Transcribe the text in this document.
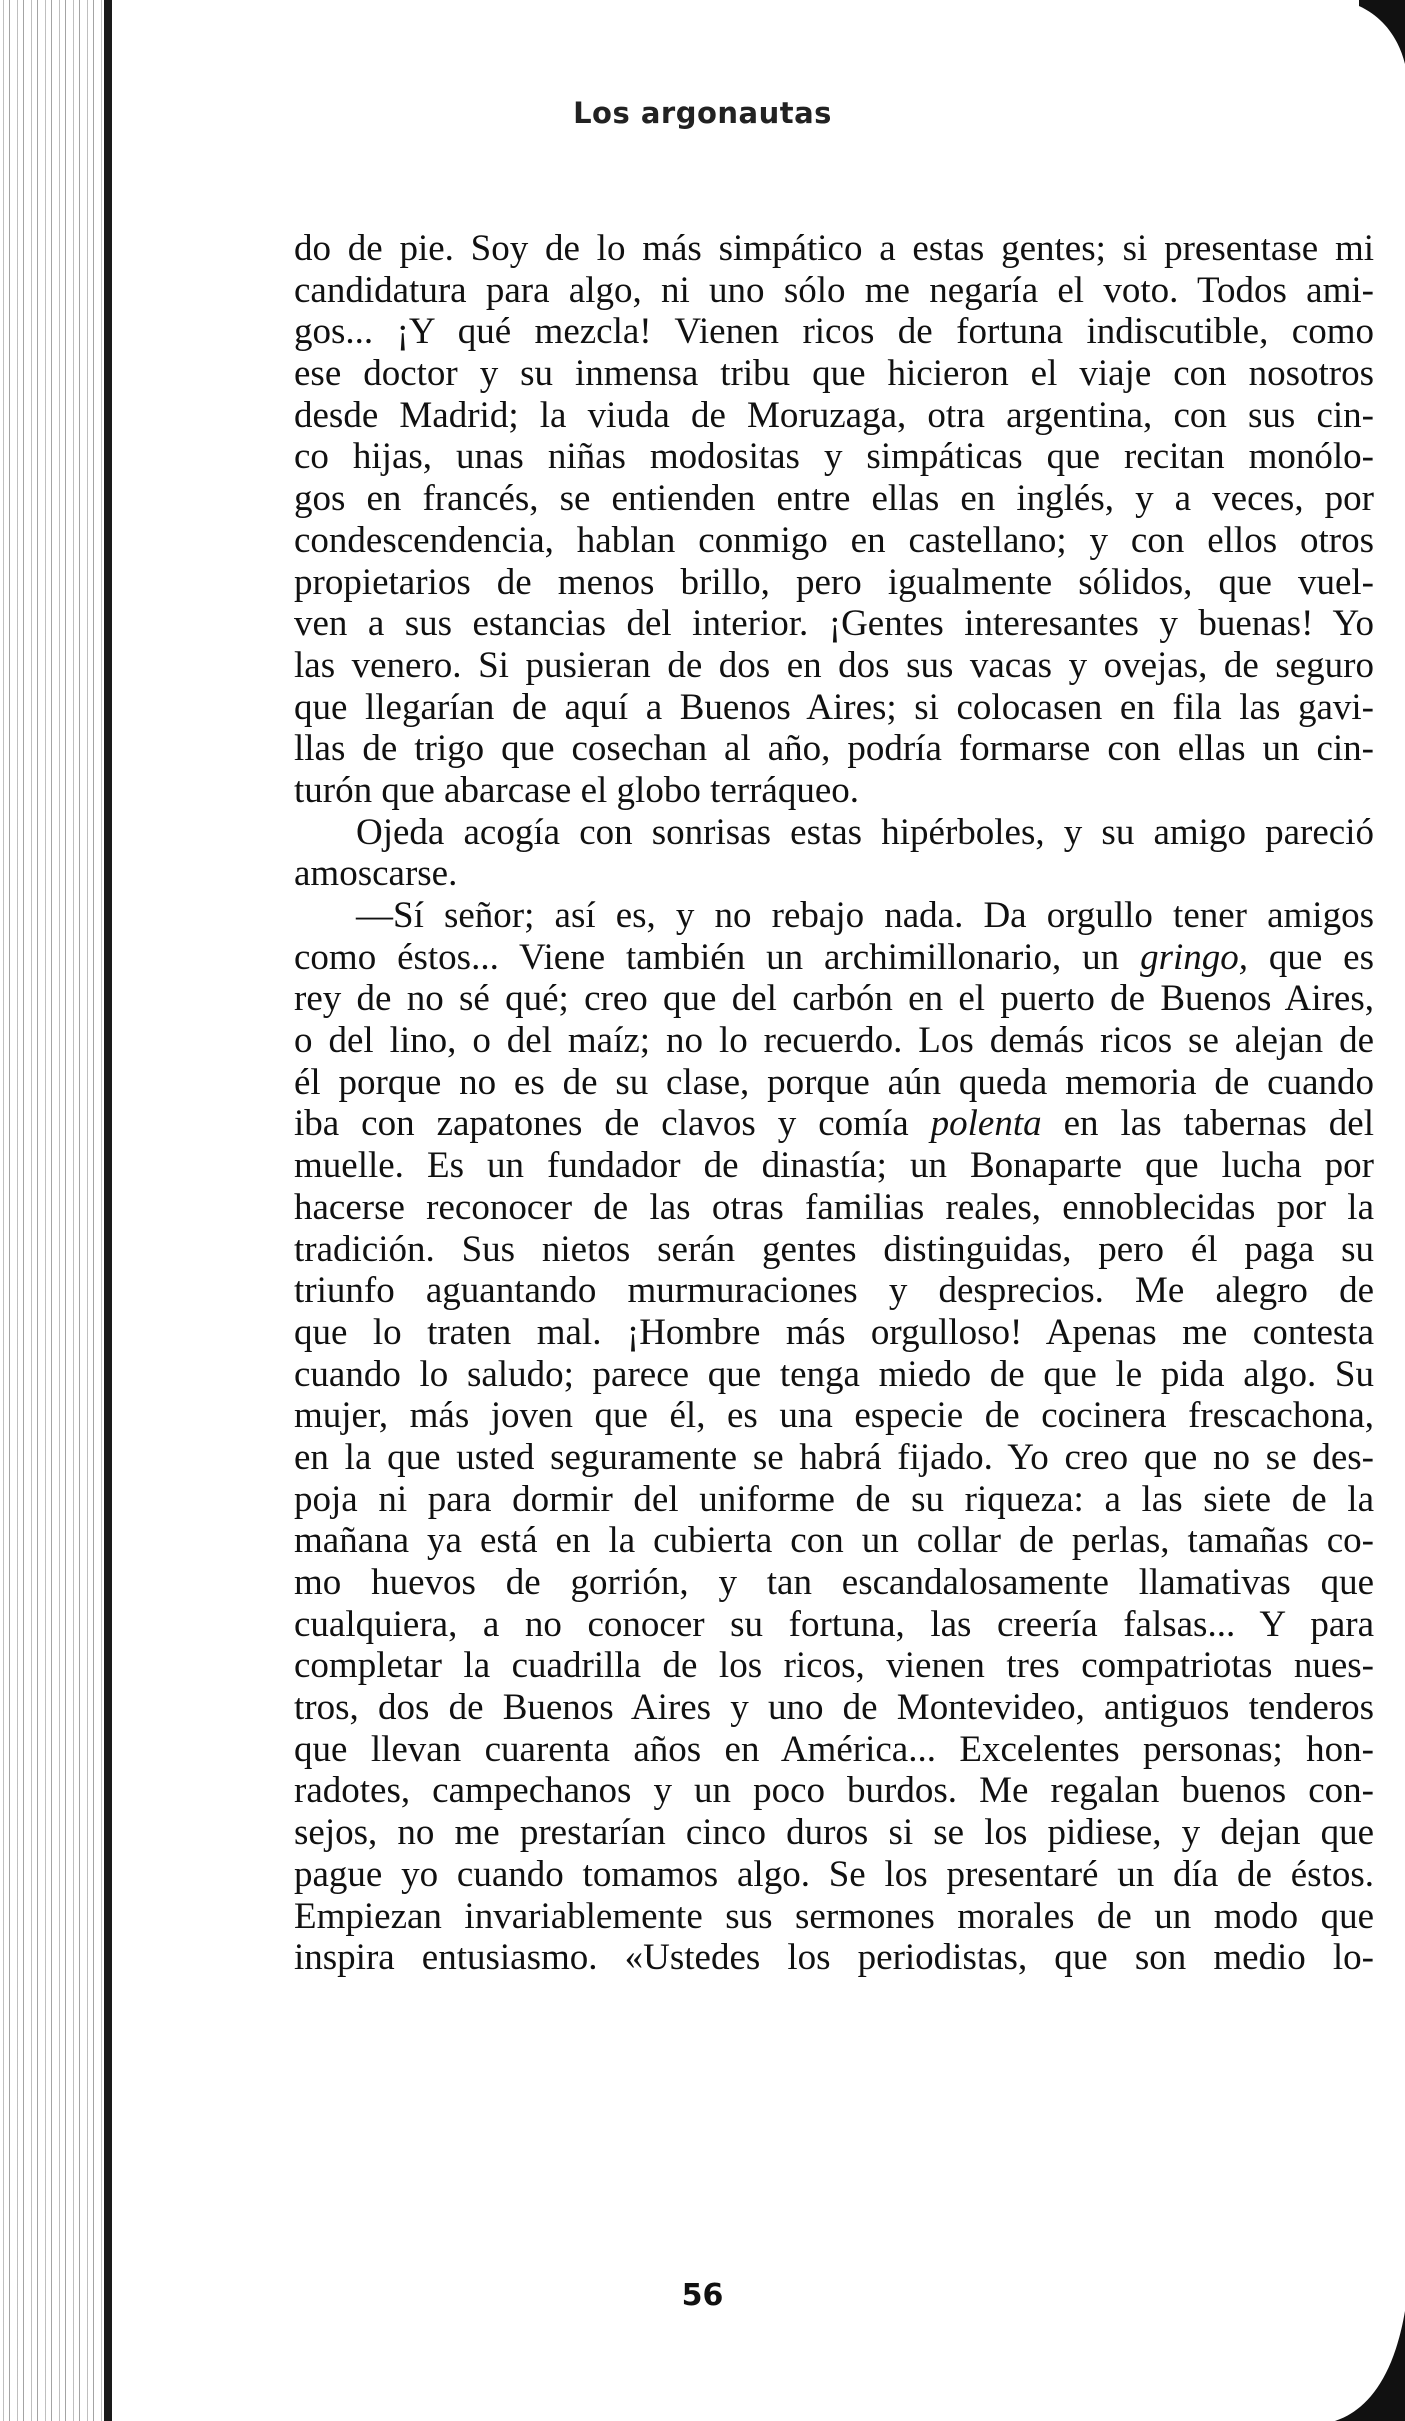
Los argonautas
do de pie. Soy de lo más simpático a estas gentes; si presentase mi
candidatura para algo, ni uno sólo me negaría el voto. Todos ami-
gos... ¡Y qué mezcla! Vienen ricos de fortuna indiscutible, como
ese doctor y su inmensa tribu que hicieron el viaje con nosotros
desde Madrid; la viuda de Moruzaga, otra argentina, con sus cin-
co hijas, unas niñas modositas y simpáticas que recitan monólo-
gos en francés, se entienden entre ellas en inglés, y a veces, por
condescendencia, hablan conmigo en castellano; y con ellos otros
propietarios de menos brillo, pero igualmente sólidos, que vuel-
ven a sus estancias del interior. ¡Gentes interesantes y buenas! Yo
las venero. Si pusieran de dos en dos sus vacas y ovejas, de seguro
que llegarían de aquí a Buenos Aires; si colocasen en fila las gavi-
llas de trigo que cosechan al año, podría formarse con ellas un cin-
turón que abarcase el globo terráqueo.
Ojeda acogía con sonrisas estas hipérboles, y su amigo pareció
amoscarse.
—Sí señor; así es, y no rebajo nada. Da orgullo tener amigos
como éstos... Viene también un archimillonario, un gringo, que es
rey de no sé qué; creo que del carbón en el puerto de Buenos Aires,
o del lino, o del maíz; no lo recuerdo. Los demás ricos se alejan de
él porque no es de su clase, porque aún queda memoria de cuando
iba con zapatones de clavos y comía polenta en las tabernas del
muelle. Es un fundador de dinastía; un Bonaparte que lucha por
hacerse reconocer de las otras familias reales, ennoblecidas por la
tradición. Sus nietos serán gentes distinguidas, pero él paga su
triunfo aguantando murmuraciones y desprecios. Me alegro de
que lo traten mal. ¡Hombre más orgulloso! Apenas me contesta
cuando lo saludo; parece que tenga miedo de que le pida algo. Su
mujer, más joven que él, es una especie de cocinera frescachona,
en la que usted seguramente se habrá fijado. Yo creo que no se des-
poja ni para dormir del uniforme de su riqueza: a las siete de la
mañana ya está en la cubierta con un collar de perlas, tamañas co-
mo huevos de gorrión, y tan escandalosamente llamativas que
cualquiera, a no conocer su fortuna, las creería falsas... Y para
completar la cuadrilla de los ricos, vienen tres compatriotas nues-
tros, dos de Buenos Aires y uno de Montevideo, antiguos tenderos
que llevan cuarenta años en América... Excelentes personas; hon-
radotes, campechanos y un poco burdos. Me regalan buenos con-
sejos, no me prestarían cinco duros si se los pidiese, y dejan que
pague yo cuando tomamos algo. Se los presentaré un día de éstos.
Empiezan invariablemente sus sermones morales de un modo que
inspira entusiasmo. «Ustedes los periodistas, que son medio lo-
56
